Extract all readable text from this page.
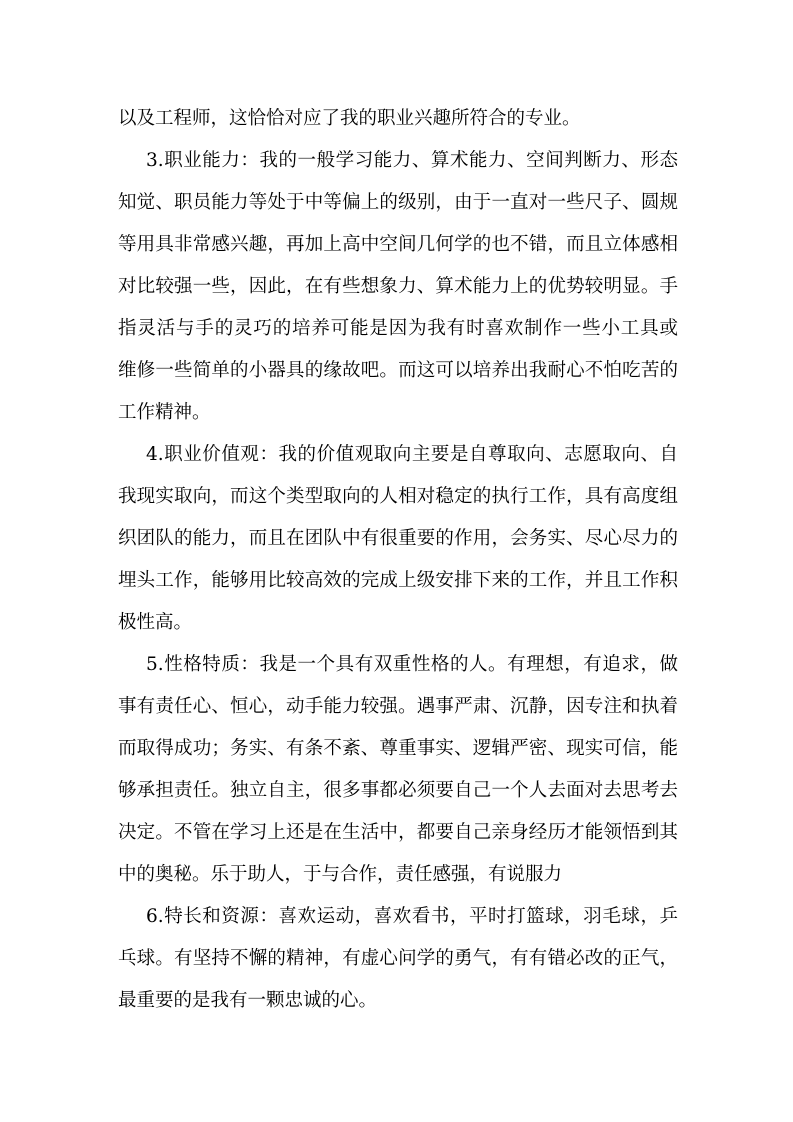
以及工程师，这恰恰对应了我的职业兴趣所符合的专业。
3.职业能力：我的一般学习能力、算术能力、空间判断力、形态
知觉、职员能力等处于中等偏上的级别，由于一直对一些尺子、圆规
等用具非常感兴趣，再加上高中空间几何学的也不错，而且立体感相
对比较强一些，因此，在有些想象力、算术能力上的优势较明显。手
指灵活与手的灵巧的培养可能是因为我有时喜欢制作一些小工具或
维修一些简单的小器具的缘故吧。而这可以培养出我耐心不怕吃苦的
工作精神。
4.职业价值观：我的价值观取向主要是自尊取向、志愿取向、自
我现实取向，而这个类型取向的人相对稳定的执行工作，具有高度组
织团队的能力，而且在团队中有很重要的作用，会务实、尽心尽力的
埋头工作，能够用比较高效的完成上级安排下来的工作，并且工作积
极性高。
5.性格特质：我是一个具有双重性格的人。有理想，有追求，做
事有责任心、恒心，动手能力较强。遇事严肃、沉静，因专注和执着
而取得成功；务实、有条不紊、尊重事实、逻辑严密、现实可信，能
够承担责任。独立自主，很多事都必须要自己一个人去面对去思考去
决定。不管在学习上还是在生活中，都要自己亲身经历才能领悟到其
中的奥秘。乐于助人，于与合作，责任感强，有说服力
6.特长和资源：喜欢运动，喜欢看书，平时打篮球，羽毛球，乒
乓球。有坚持不懈的精神，有虚心问学的勇气，有有错必改的正气，
最重要的是我有一颗忠诚的心。
